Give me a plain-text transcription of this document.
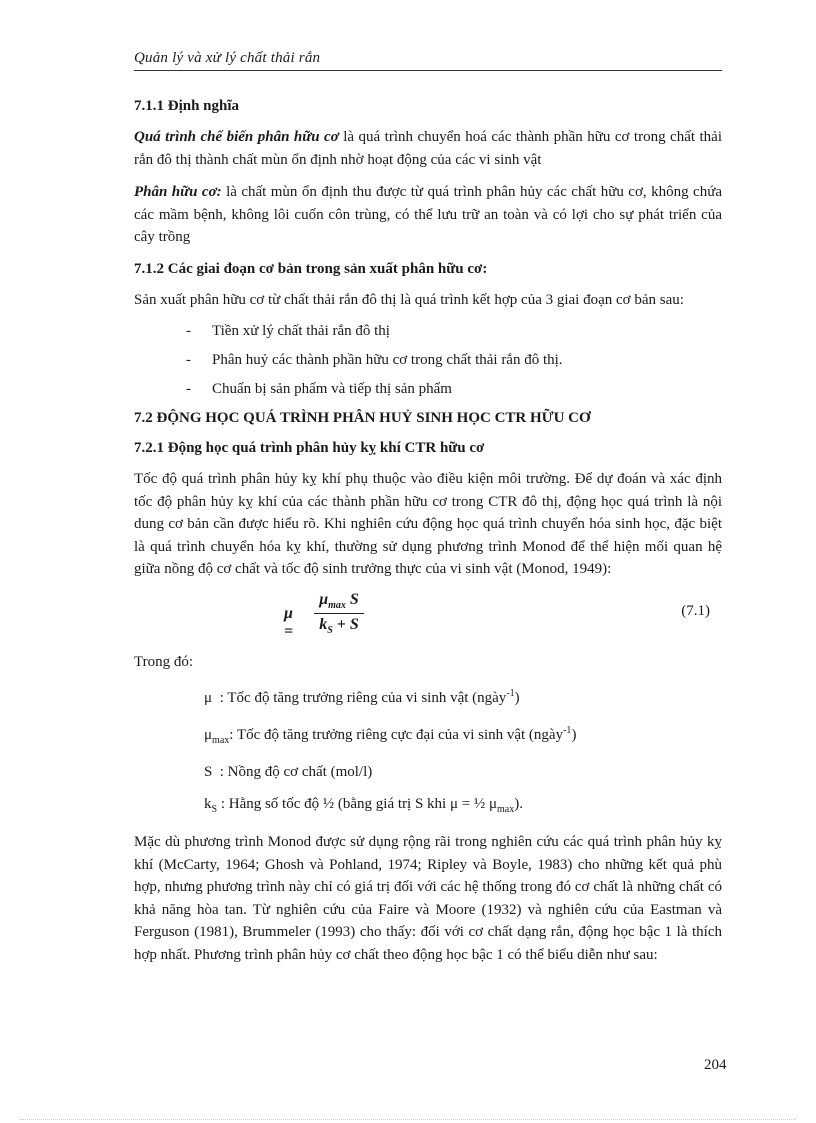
Quản lý và xử lý chất thải rắn
7.1.1 Định nghĩa

Quá trình chế biến phân hữu cơ là quá trình chuyển hoá các thành phần hữu cơ trong chất thải rắn đô thị thành chất mùn ổn định nhờ hoạt động của các vi sinh vật

Phân hữu cơ: là chất mùn ổn định thu được từ quá trình phân hủy các chất hữu cơ, không chứa các mầm bệnh, không lôi cuốn côn trùng, có thể lưu trữ an toàn và có lợi cho sự phát triển của cây trồng

7.1.2 Các giai đoạn cơ bản trong sản xuất phân hữu cơ:

Sản xuất phân hữu cơ từ chất thải rắn đô thị là quá trình kết hợp của 3 giai đoạn cơ bản sau:

- Tiền xử lý chất thải rắn đô thị
- Phân huỷ các thành phần hữu cơ trong chất thải rắn đô thị.
- Chuẩn bị sản phẩm và tiếp thị sản phẩm
7.2 ĐỘNG HỌC QUÁ TRÌNH PHÂN HUỶ SINH HỌC CTR HỮU CƠ
7.2.1 Động học quá trình phân hủy kỵ khí CTR hữu cơ

Tốc độ quá trình phân hủy kỵ khí phụ thuộc vào điều kiện môi trường. Để dự đoán và xác định tốc độ phân hủy kỵ khí của các thành phần hữu cơ trong CTR đô thị, động học quá trình là nội dung cơ bản cần được hiểu rõ. Khi nghiên cứu động học quá trình chuyển hóa sinh học, đặc biệt là quá trình chuyển hóa kỵ khí, thường sử dụng phương trình Monod để thể hiện mối quan hệ giữa nồng độ cơ chất và tốc độ sinh trưởng thực của vi sinh vật (Monod, 1949):

μ =
$\mu_{max}$ S
$k_S + S$
(7.1)

Trong đó:

μ : Tốc độ tăng trưởng riêng của vi sinh vật (ngày$^{-1}$)
$\mu_{max}$: Tốc độ tăng trưởng riêng cực đại của vi sinh vật (ngày$^{-1}$)
S : Nồng độ cơ chất (mol/l)
$k_S$ : Hằng số tốc độ ½ (bằng giá trị S khi μ = ½ $\mu_{max}$).

Mặc dù phương trình Monod được sử dụng rộng rãi trong nghiên cứu các quá trình phân hủy kỵ khí (McCarty, 1964; Ghosh và Pohland, 1974; Ripley và Boyle, 1983) cho những kết quả phù hợp, nhưng phương trình này chỉ có giá trị đối với các hệ thống trong đó cơ chất là những chất có khả năng hòa tan. Từ nghiên cứu của Faire và Moore (1932) và nghiên cứu của Eastman và Ferguson (1981), Brummeler (1993) cho thấy: đối với cơ chất dạng rắn, động học bậc 1 là thích hợp nhất. Phương trình phân hủy cơ chất theo động học bậc 1 có thể biểu diễn như sau:

204
